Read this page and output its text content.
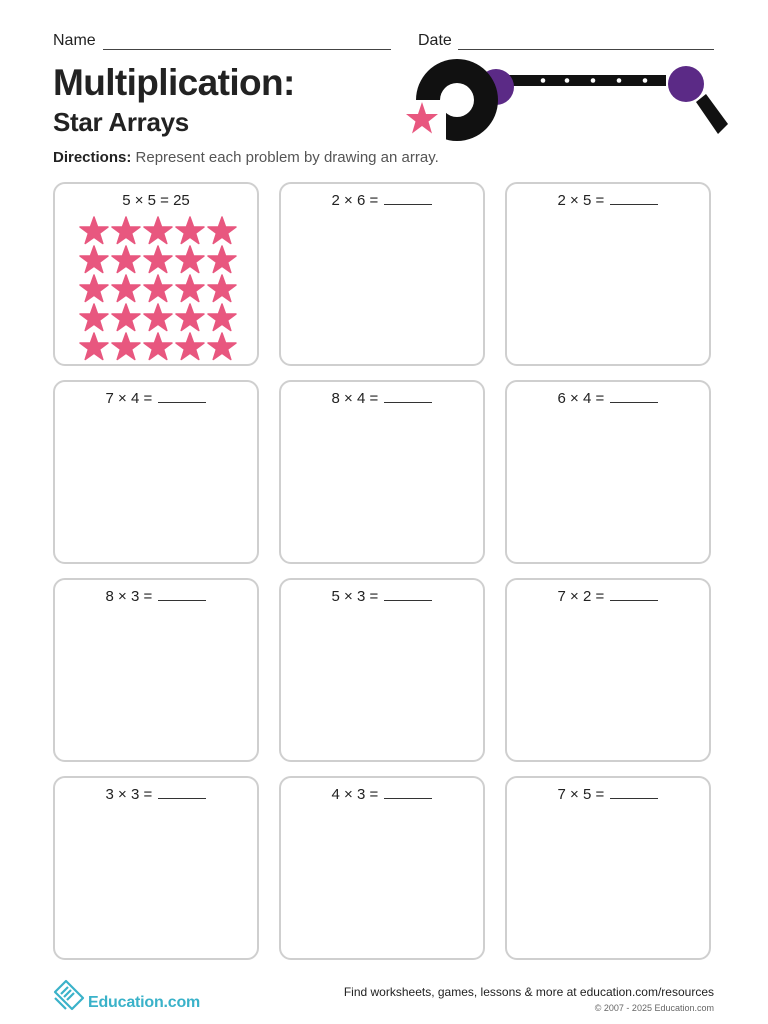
Name	Date
Multiplication:
Star Arrays
Directions: Represent each problem by drawing an array.
5 × 5 = 25	2 × 6 =	2 × 5 =
7 × 4 =	8 × 4 =	6 × 4 =
8 × 3 =	5 × 3 =	7 × 2 =
3 × 3 =	4 × 3 =	7 × 5 =
Education.com
Find worksheets, games, lessons & more at education.com/resources
© 2007 - 2025 Education.com
